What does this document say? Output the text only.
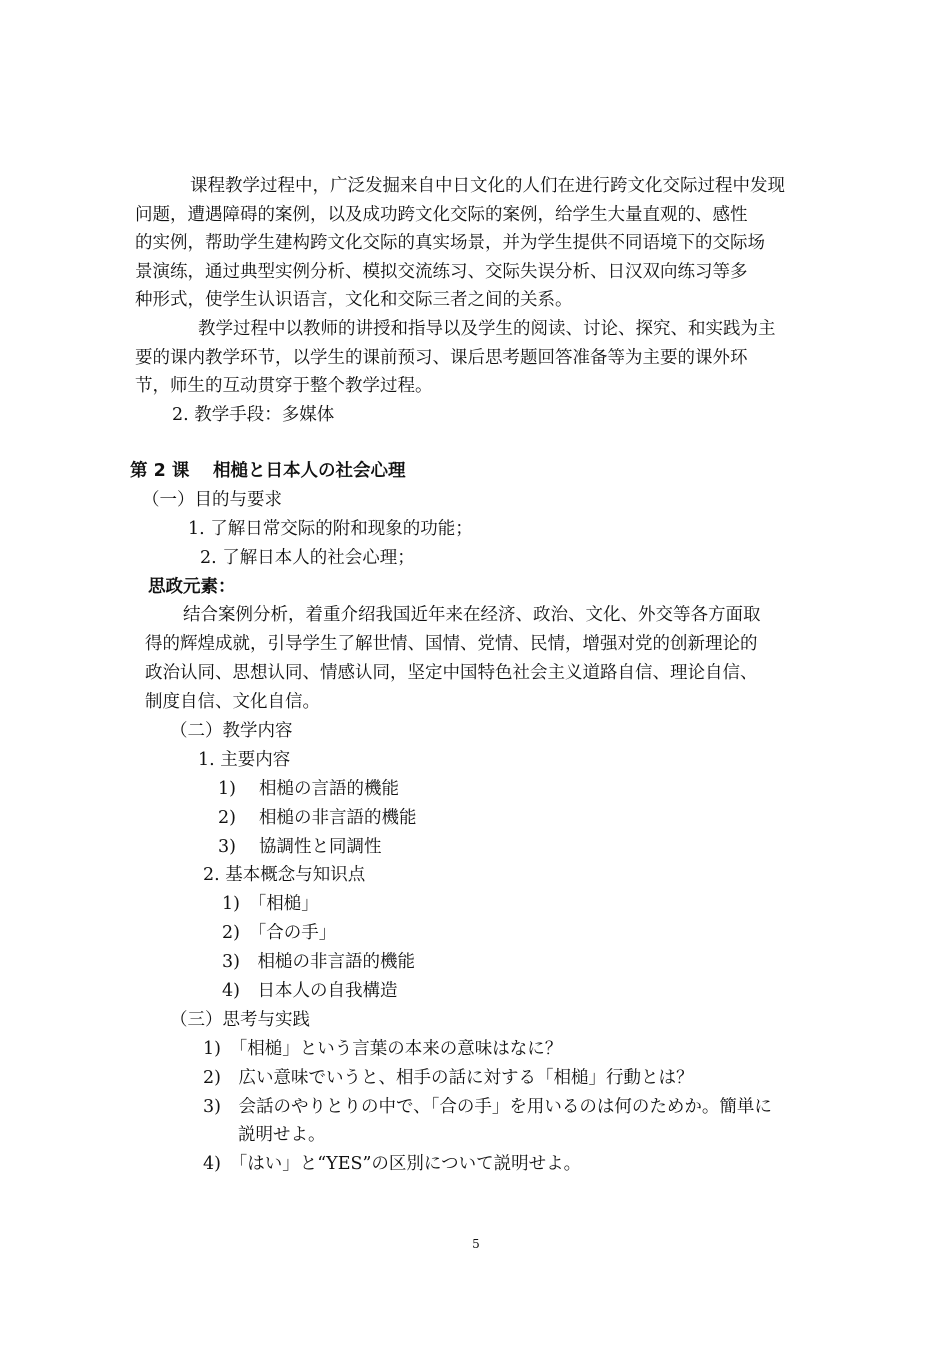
课程教学过程中，广泛发掘来自中日文化的人们在进行跨文化交际过程中发现
问题，遭遇障碍的案例，以及成功跨文化交际的案例，给学生大量直观的、感性
的实例，帮助学生建构跨文化交际的真实场景，并为学生提供不同语境下的交际场
景演练，通过典型实例分析、模拟交流练习、交际失误分析、日汉双向练习等多
种形式，使学生认识语言，文化和交际三者之间的关系。
教学过程中以教师的讲授和指导以及学生的阅读、讨论、探究、和实践为主
要的课内教学环节，以学生的课前预习、课后思考题回答准备等为主要的课外环
节，师生的互动贯穿于整个教学过程。
2. 教学手段：多媒体
第 2 课　 相槌と日本人の社会心理
（一）目的与要求
1. 了解日常交际的附和现象的功能；
2. 了解日本人的社会心理；
思政元素：
结合案例分析，着重介绍我国近年来在经济、政治、文化、外交等各方面取
得的辉煌成就，引导学生了解世情、国情、党情、民情，增强对党的创新理论的
政治认同、思想认同、情感认同，坚定中国特色社会主义道路自信、理论自信、
制度自信、文化自信。
（二）教学内容
1. 主要内容
1)　 相槌の言語的機能
2)　 相槌の非言語的機能
3)　 協調性と同調性
2. 基本概念与知识点
1)　「相槌」
2)　「合の手」
3)　相槌の非言語的機能
4)　日本人の自我構造
（三）思考与实践
1)　「相槌」という言葉の本来の意味はなに？
2)　広い意味でいうと、相手の話に対する「相槌」行動とは？
3)　会話のやりとりの中で、「合の手」を用いるのは何のためか。簡単に
説明せよ。
4)　「はい」と“YES”の区別について説明せよ。
5
